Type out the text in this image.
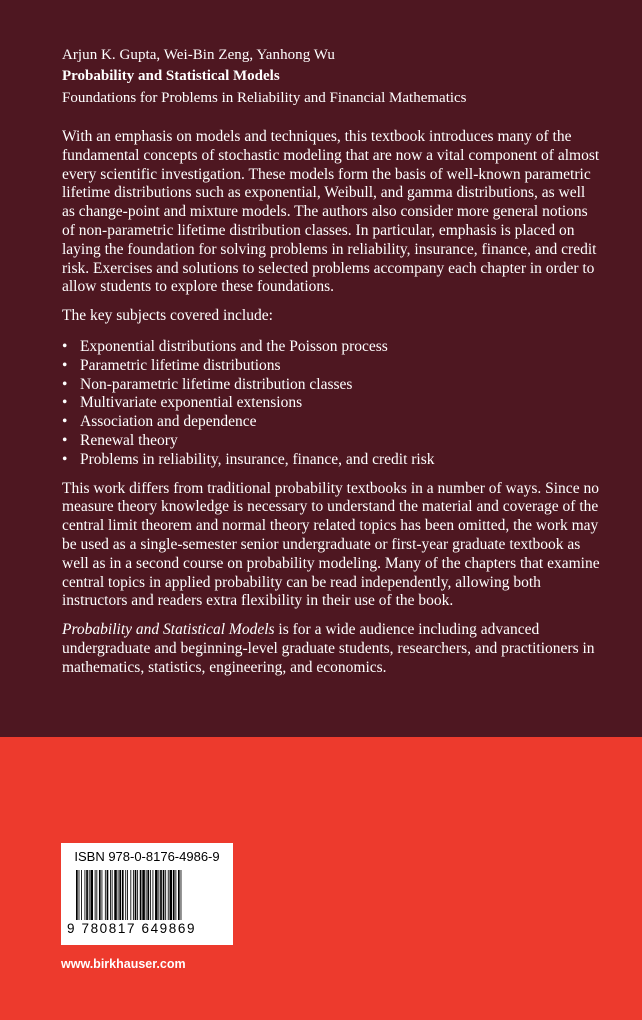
Arjun K. Gupta, Wei-Bin Zeng, Yanhong Wu
Probability and Statistical Models
Foundations for Problems in Reliability and Financial Mathematics

With an emphasis on models and techniques, this textbook introduces many of the fundamental concepts of stochastic modeling that are now a vital component of almost every scientific investigation. These models form the basis of well-known parametric lifetime distributions such as exponential, Weibull, and gamma distributions, as well as change-point and mixture models. The authors also consider more general notions of non-parametric lifetime distribution classes. In particular, emphasis is placed on laying the foundation for solving problems in reliability, insurance, finance, and credit risk. Exercises and solutions to selected problems accompany each chapter in order to allow students to explore these foundations.

The key subjects covered include:

• Exponential distributions and the Poisson process
• Parametric lifetime distributions
• Non-parametric lifetime distribution classes
• Multivariate exponential extensions
• Association and dependence
• Renewal theory
• Problems in reliability, insurance, finance, and credit risk

This work differs from traditional probability textbooks in a number of ways. Since no measure theory knowledge is necessary to understand the material and coverage of the central limit theorem and normal theory related topics has been omitted, the work may be used as a single-semester senior undergraduate or first-year graduate textbook as well as in a second course on probability modeling. Many of the chapters that examine central topics in applied probability can be read independently, allowing both instructors and readers extra flexibility in their use of the book.

Probability and Statistical Models is for a wide audience including advanced undergraduate and beginning-level graduate students, researchers, and practitioners in mathematics, statistics, engineering, and economics.

ISBN 978-0-8176-4986-9
9 780817 649869
www.birkhauser.com
